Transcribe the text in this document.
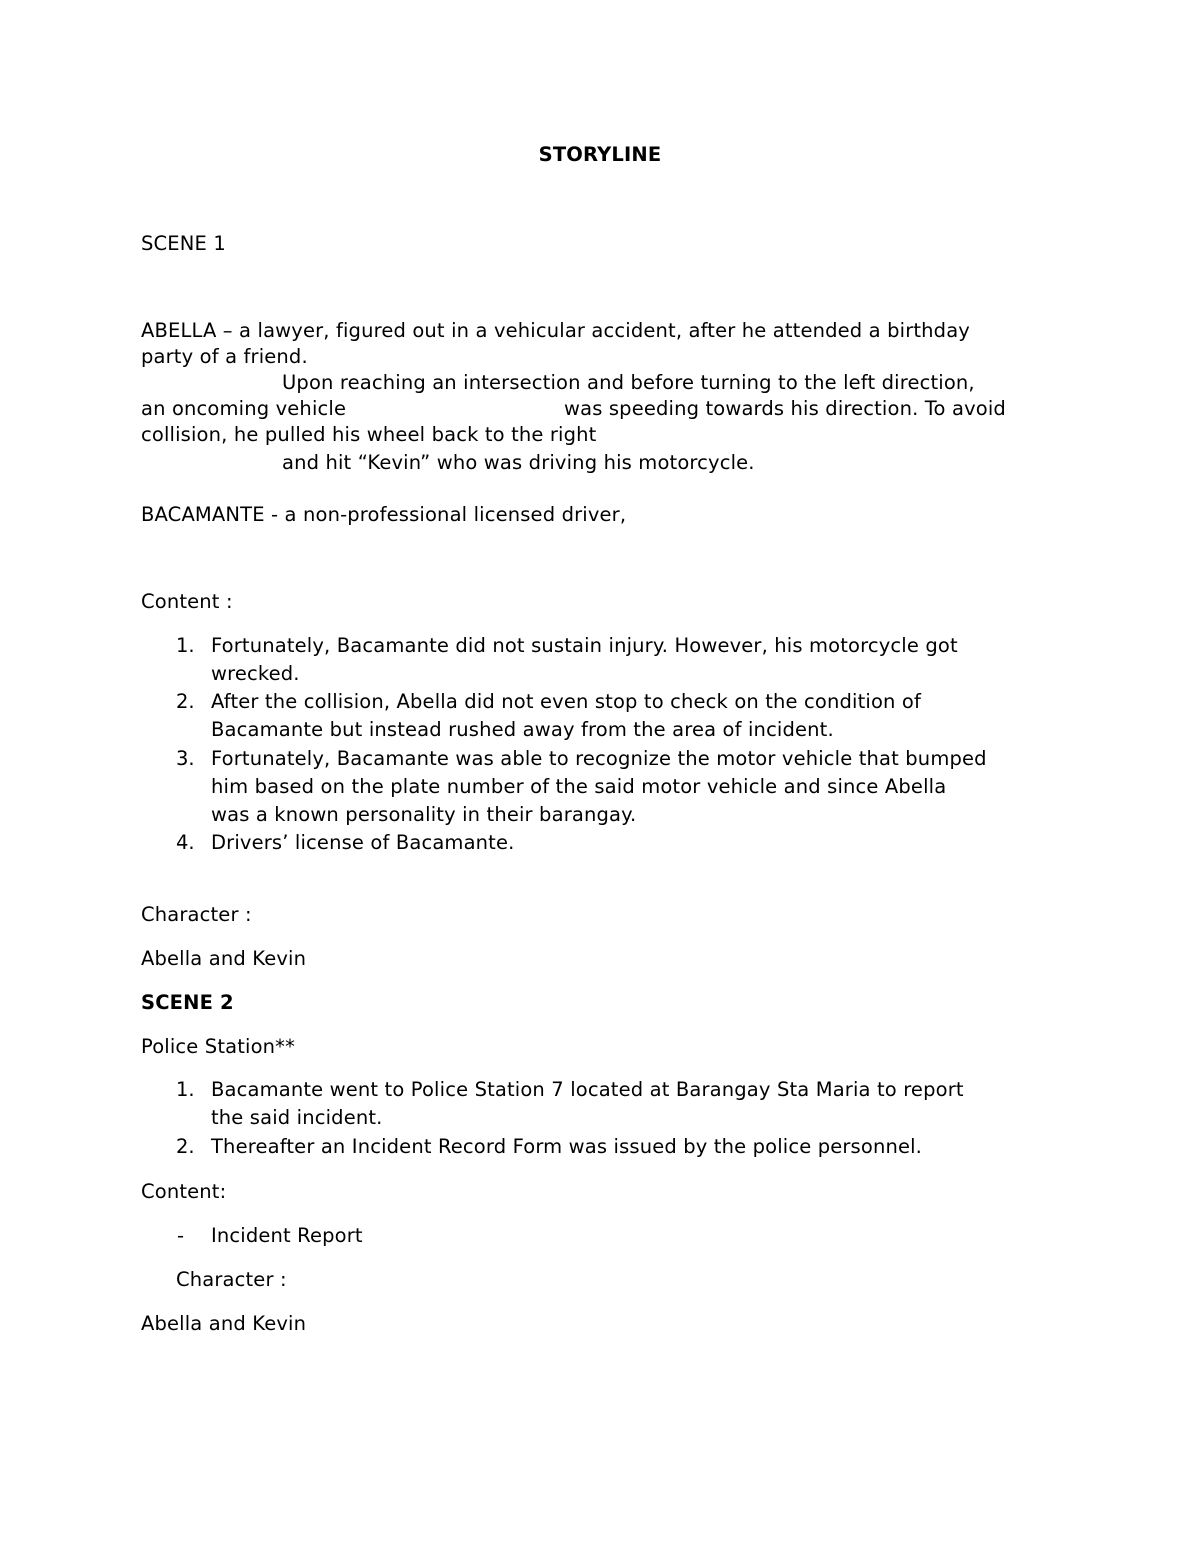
STORYLINE
SCENE 1
ABELLA – a lawyer, figured out in a vehicular accident, after he attended a birthday
party of a friend.
Upon reaching an intersection and before turning to the left direction,
an oncoming vehicle	was speeding towards his direction. To avoid
collision, he pulled his wheel back to the right
and hit “Kevin” who was driving his motorcycle.
BACAMANTE - a non-professional licensed driver,
Content :
1. Fortunately, Bacamante did not sustain injury. However, his motorcycle got
wrecked.
2. After the collision, Abella did not even stop to check on the condition of
Bacamante but instead rushed away from the area of incident.
3. Fortunately, Bacamante was able to recognize the motor vehicle that bumped
him based on the plate number of the said motor vehicle and since Abella
was a known personality in their barangay.
4. Drivers’ license of Bacamante.
Character :
Abella and Kevin
SCENE 2
Police Station**
1. Bacamante went to Police Station 7 located at Barangay Sta Maria to report
the said incident.
2. Thereafter an Incident Record Form was issued by the police personnel.
Content:
- Incident Report
Character :
Abella and Kevin
